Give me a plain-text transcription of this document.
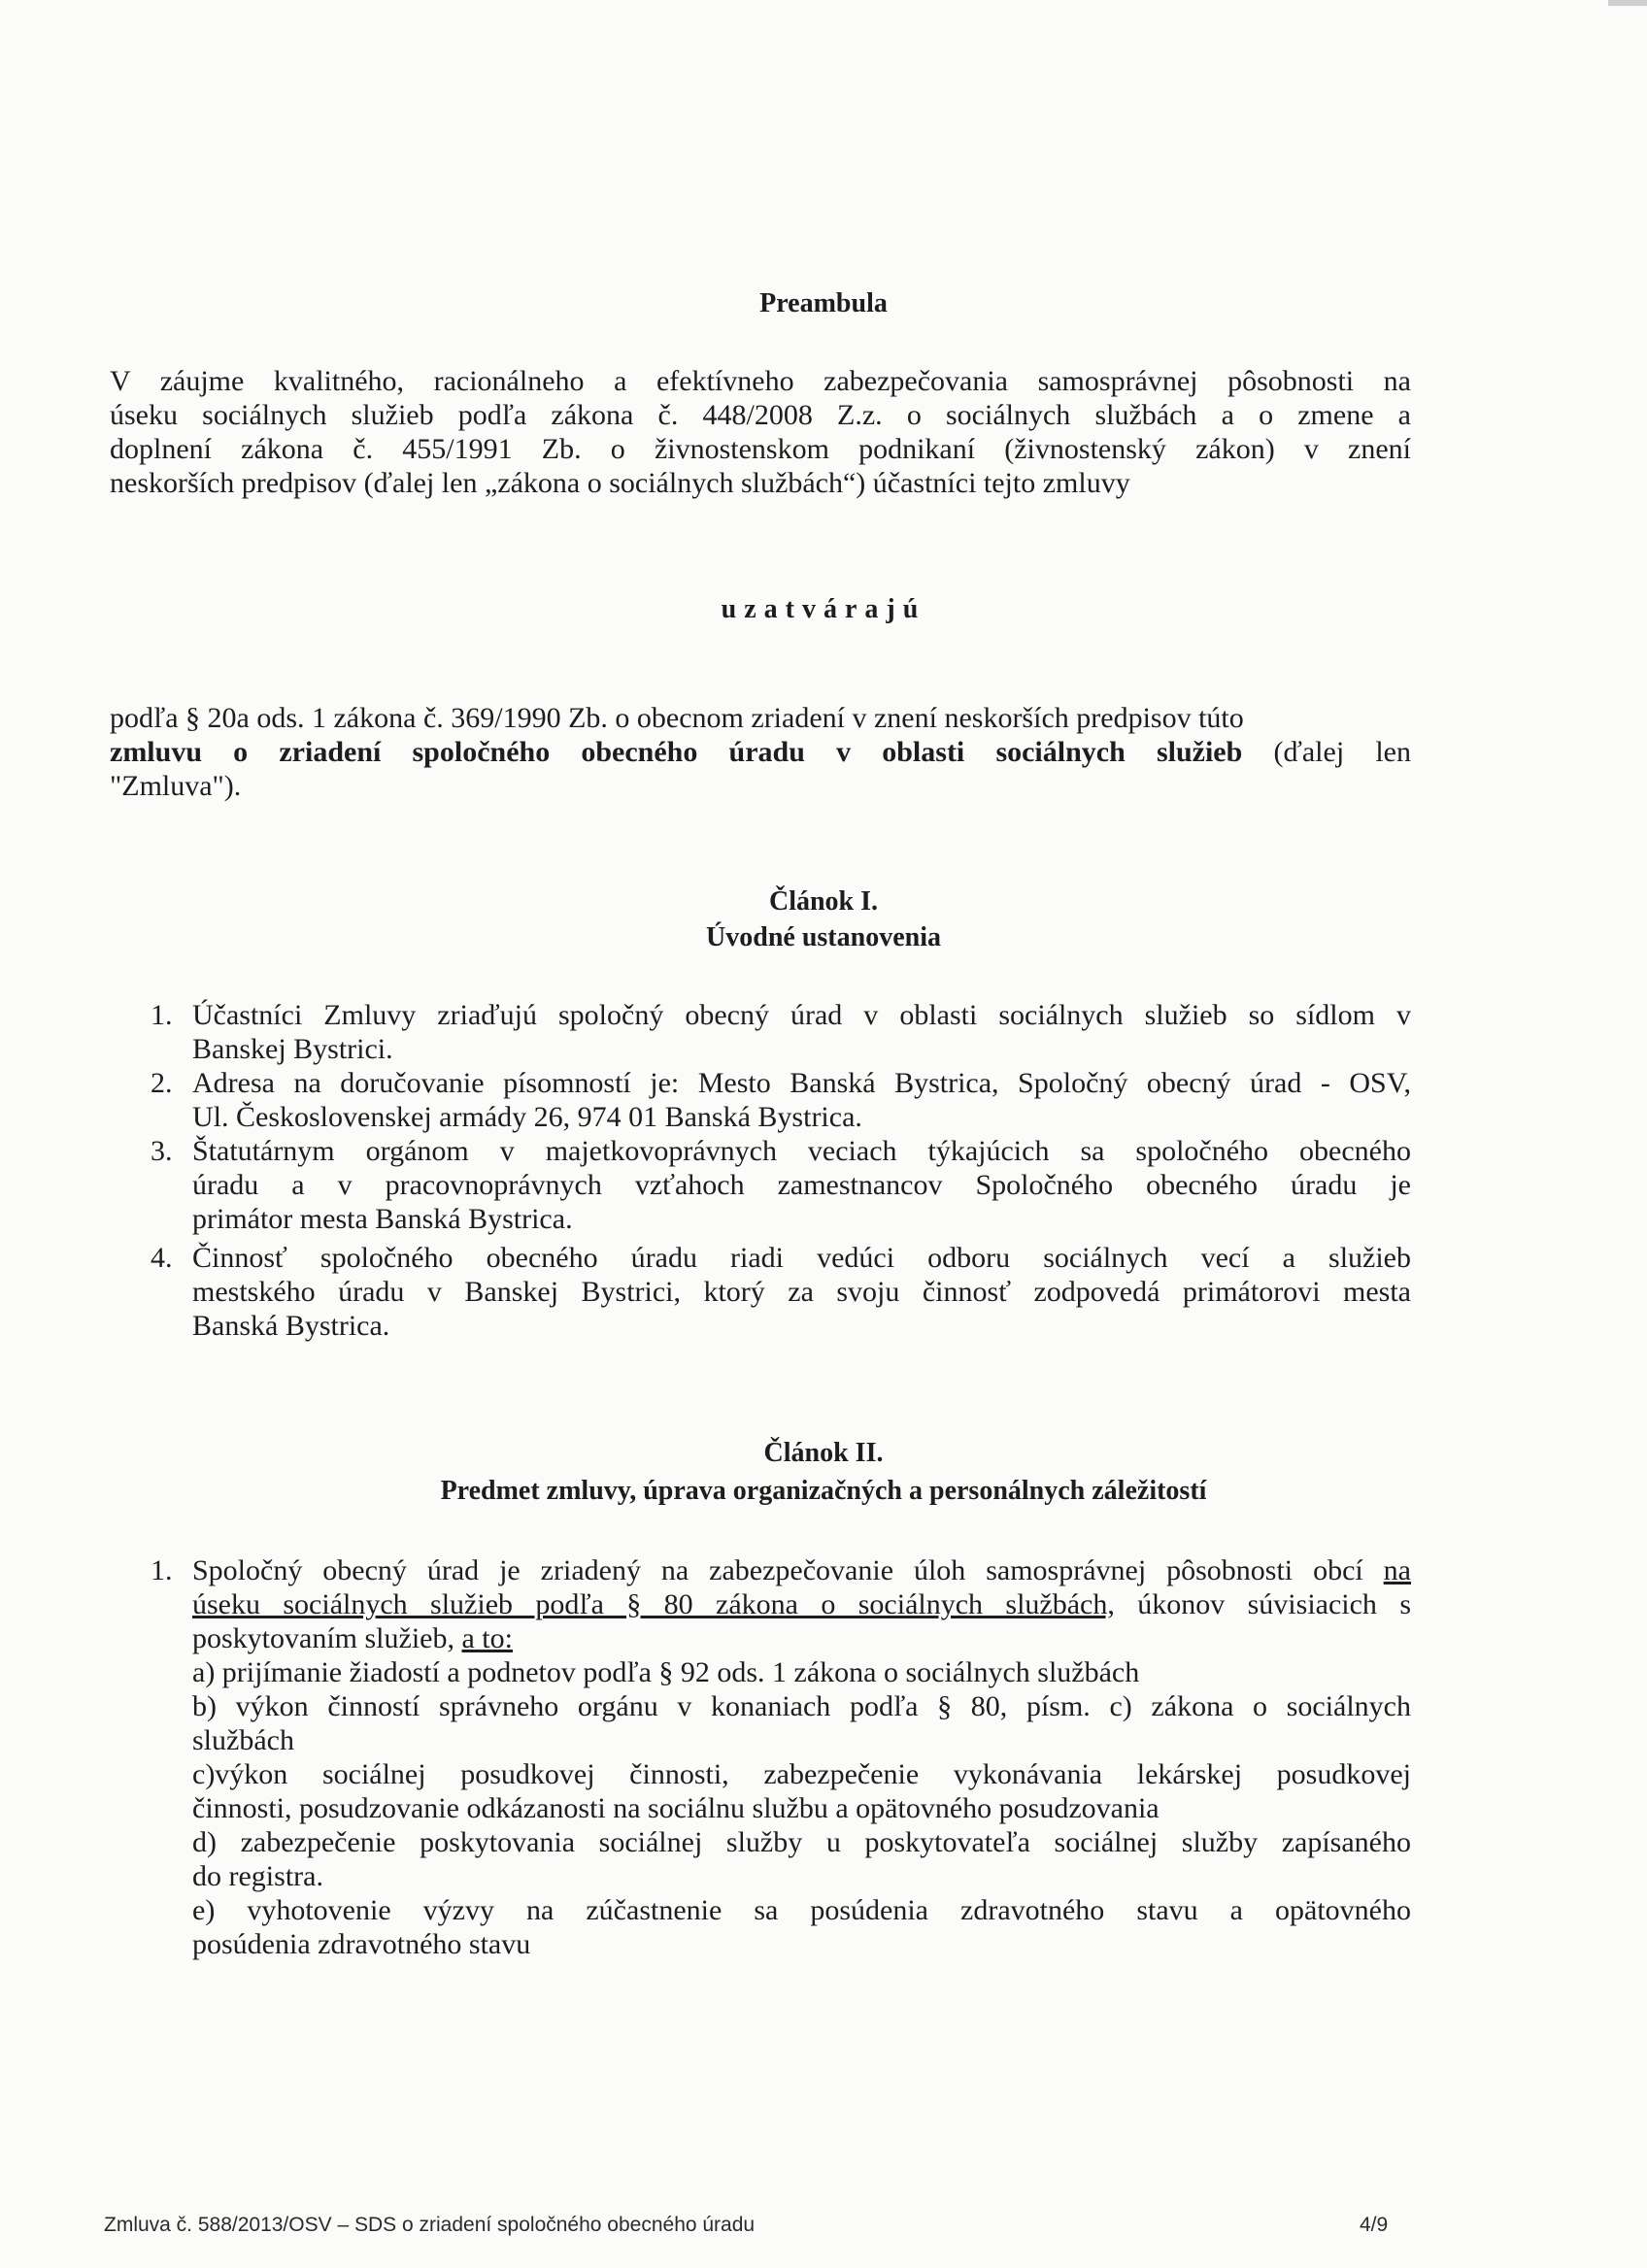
Preambula
V záujme kvalitného, racionálneho a efektívneho zabezpečovania samosprávnej pôsobnosti na
úseku sociálnych služieb podľa zákona č. 448/2008 Z.z. o sociálnych službách a o zmene a
doplnení zákona č. 455/1991 Zb. o živnostenskom podnikaní (živnostenský zákon) v znení
neskorších predpisov (ďalej len „zákona o sociálnych službách“) účastníci tejto zmluvy
uzatvárajú
podľa § 20a ods. 1 zákona č. 369/1990 Zb. o obecnom zriadení v znení neskorších predpisov túto
zmluvu o zriadení spoločného obecného úradu v oblasti sociálnych služieb (ďalej len
"Zmluva").
Článok I.
Úvodné ustanovenia
1. Účastníci Zmluvy zriaďujú spoločný obecný úrad v oblasti sociálnych služieb so sídlom v
Banskej Bystrici.
2. Adresa na doručovanie písomností je: Mesto Banská Bystrica, Spoločný obecný úrad - OSV,
Ul. Československej armády 26, 974 01 Banská Bystrica.
3. Štatutárnym orgánom v majetkovoprávnych veciach týkajúcich sa spoločného obecného
úradu a v pracovnoprávnych vzťahoch zamestnancov Spoločného obecného úradu je
primátor mesta Banská Bystrica.
4. Činnosť spoločného obecného úradu riadi vedúci odboru sociálnych vecí a služieb
mestského úradu v Banskej Bystrici, ktorý za svoju činnosť zodpovedá primátorovi mesta
Banská Bystrica.
Článok II.
Predmet zmluvy, úprava organizačných a personálnych záležitostí
1. Spoločný obecný úrad je zriadený na zabezpečovanie úloh samosprávnej pôsobnosti obcí na
úseku sociálnych služieb podľa § 80 zákona o sociálnych službách, úkonov súvisiacich s
poskytovaním služieb, a to:
a) prijímanie žiadostí a podnetov podľa § 92 ods. 1 zákona o sociálnych službách
b) výkon činností správneho orgánu v konaniach podľa § 80, písm. c) zákona o sociálnych
službách
c)výkon sociálnej posudkovej činnosti, zabezpečenie vykonávania lekárskej posudkovej
činnosti, posudzovanie odkázanosti na sociálnu službu a opätovného posudzovania
d) zabezpečenie poskytovania sociálnej služby u poskytovateľa sociálnej služby zapísaného
do registra.
e) vyhotovenie výzvy na zúčastnenie sa posúdenia zdravotného stavu a opätovného
posúdenia zdravotného stavu
Zmluva č. 588/2013/OSV – SDS o zriadení spoločného obecného úradu	4/9
